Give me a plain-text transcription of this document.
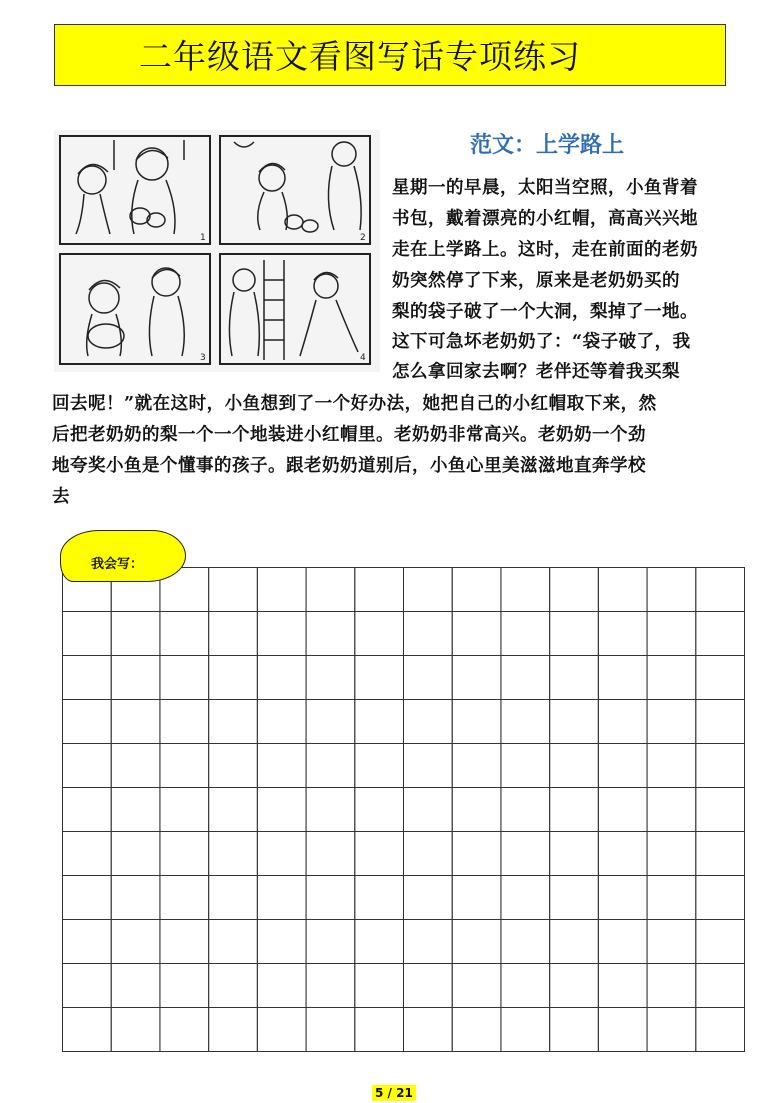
二年级语文看图写话专项练习
1	2
3	4
范文：上学路上
星期一的早晨，太阳当空照，小鱼背着
书包，戴着漂亮的小红帽，高高兴兴地
走在上学路上。这时，走在前面的老奶
奶突然停了下来，原来是老奶奶买的
梨的袋子破了一个大洞，梨掉了一地。
这下可急坏老奶奶了：“袋子破了，我
怎么拿回家去啊？老伴还等着我买梨
回去呢！”就在这时，小鱼想到了一个好办法，她把自己的小红帽取下来，然
后把老奶奶的梨一个一个地装进小红帽里。老奶奶非常高兴。老奶奶一个劲
地夸奖小鱼是个懂事的孩子。跟老奶奶道别后，小鱼心里美滋滋地直奔学校
去
我会写：
5 / 21
